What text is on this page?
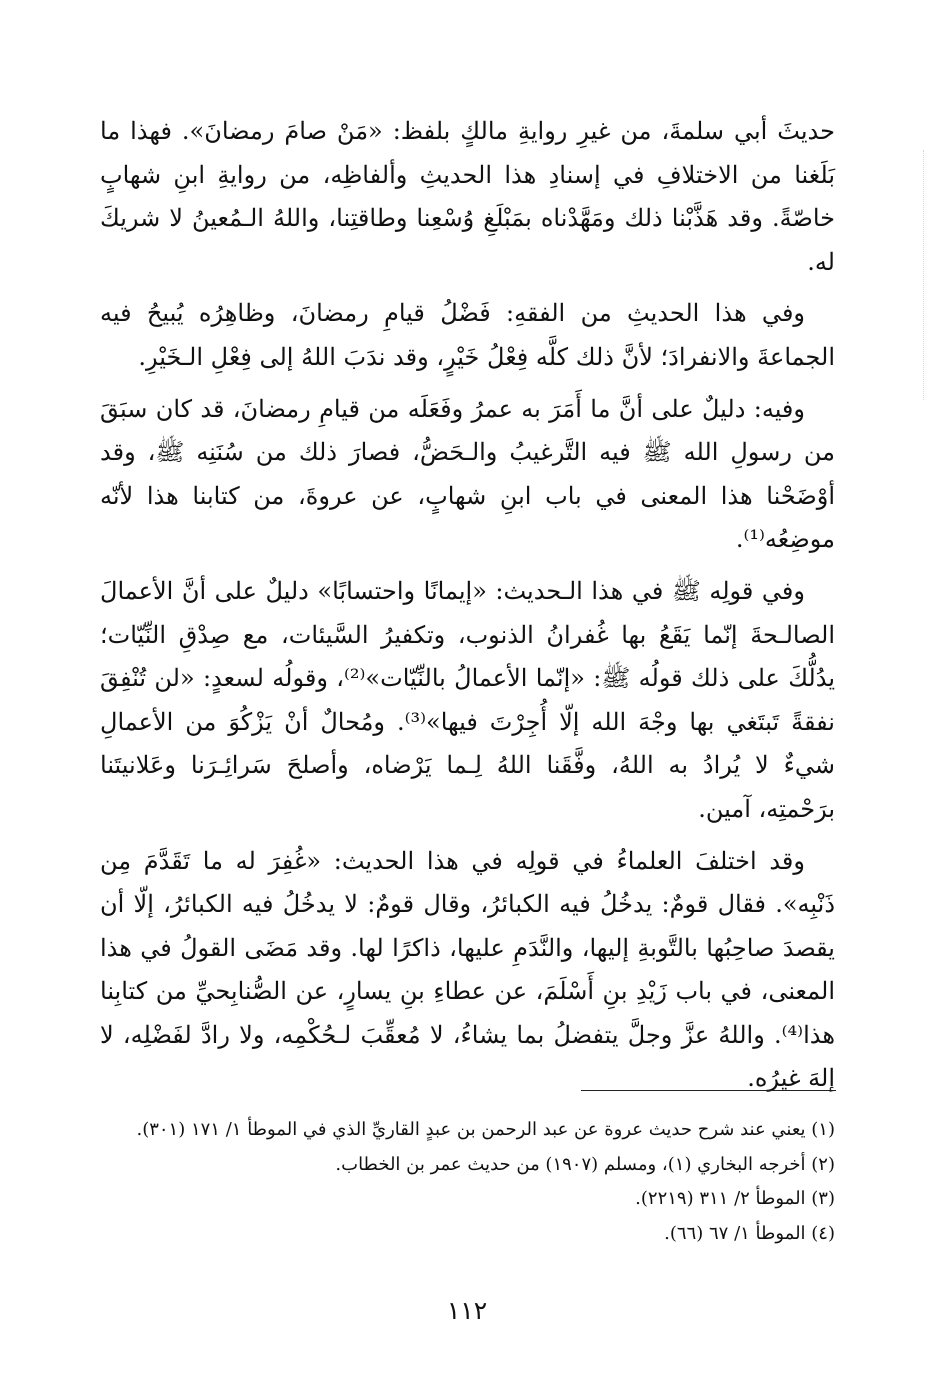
حديثَ أبي سلمةَ، من غيرِ روايةِ مالكٍ بلفظ: «مَنْ صامَ رمضانَ». فهذا ما بَلَغنا من الاختلافِ في إسنادِ هذا الحديثِ وألفاظِه، من روايةِ ابنِ شهابٍ خاصّةً. وقد هَذَّبْنا ذلك ومَهَّدْناه بمَبْلَغِ وُسْعِنا وطاقتِنا، واللهُ الـمُعينُ لا شريكَ له.

وفي هذا الحديثِ من الفقهِ: فَضْلُ قيامِ رمضانَ، وظاهِرُه يُبيحُ فيه الجماعةَ والانفرادَ؛ لأنَّ ذلك كلَّه فِعْلُ خَيْرٍ، وقد ندَبَ اللهُ إلى فِعْلِ الـخَيْرِ.

وفيه: دليلٌ على أنَّ ما أَمَرَ به عمرُ وفَعَلَه من قيامِ رمضانَ، قد كان سبَقَ من رسولِ الله ﷺ فيه التَّرغيبُ والـحَضُّ، فصارَ ذلك من سُنَنِه ﷺ، وقد أوْضَحْنا هذا المعنى في باب ابنِ شهابٍ، عن عروةَ، من كتابنا هذا لأنّه موضِعُه⁽¹⁾.

وفي قولِه ﷺ في هذا الـحديث: «إيمانًا واحتسابًا» دليلٌ على أنَّ الأعمالَ الصالـحةَ إنّما يَقَعُ بها غُفرانُ الذنوب، وتكفيرُ السَّيئات، مع صِدْقِ النِّيّات؛ يدُلُّكَ على ذلك قولُه ﷺ: «إنّما الأعمالُ بالنِّيّات»⁽²⁾، وقولُه لسعدٍ: «لن تُنْفِقَ نفقةً تَبتَغي بها وجْهَ الله إلّا أُجِرْتَ فيها»⁽³⁾. ومُحالٌ أنْ يَزْكُوَ من الأعمالِ شيءٌ لا يُرادُ به اللهُ، وفَّقَنا اللهُ لِـما يَرْضاه، وأصلحَ سَرائِـرَنا وعَلانيتَنا برَحْمتِه، آمين.

وقد اختلفَ العلماءُ في قولِه في هذا الحديث: «غُفِرَ له ما تَقَدَّمَ مِن ذَنْبِه». فقال قومٌ: يدخُلُ فيه الكبائرُ، وقال قومٌ: لا يدخُلُ فيه الكبائرُ، إلّا أن يقصدَ صاحِبُها بالتَّوبةِ إليها، والنَّدَمِ عليها، ذاكرًا لها. وقد مَضَى القولُ في هذا المعنى، في باب زَيْدِ بنِ أَسْلَمَ، عن عطاءِ بنِ يسارٍ، عن الصُّنابِحيِّ من كتابِنا هذا⁽⁴⁾. واللهُ عزَّ وجلَّ يتفضلُ بما يشاءُ، لا مُعقِّبَ لـحُكْمِه، ولا رادَّ لفَضْلِه، لا إلهَ غيرُه.

(١) يعني عند شرح حديث عروة عن عبد الرحمن بن عبدٍ القاريِّ الذي في الموطأ ١/ ١٧١ (٣٠١).

(٢) أخرجه البخاري (١)، ومسلم (١٩٠٧) من حديث عمر بن الخطاب.

(٣) الموطأ ٢/ ٣١١ (٢٢١٩).

(٤) الموطأ ١/ ٦٧ (٦٦).

١١٢
